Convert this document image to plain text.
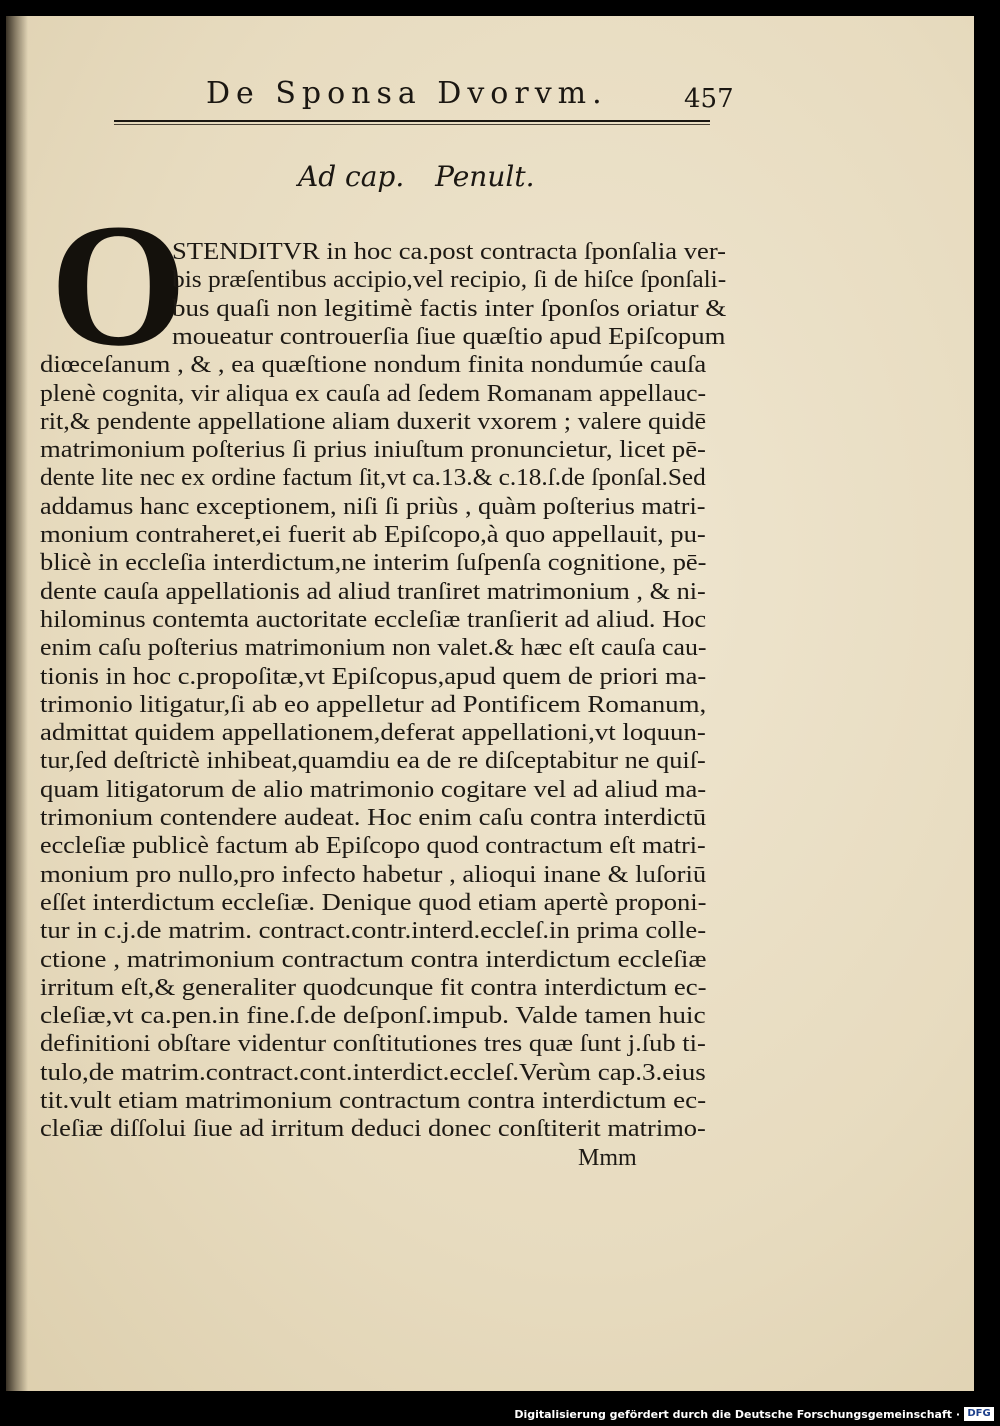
De Sponsa Dvorvm.	457
Ad cap. Penult.
O
STENDITVR in hoc ca.post contracta ſponſalia ver-
bis præſentibus accipio,vel recipio, ſi de hiſce ſponſali-
bus quaſi non legitimè factis inter ſponſos oriatur &
moueatur controuerſia ſiue quæſtio apud Epiſcopum
diœceſanum , & , ea quæſtione nondum finita nondumúe cauſa
plenè cognita, vir aliqua ex cauſa ad ſedem Romanam appellauc-
rit,& pendente appellatione aliam duxerit vxorem ; valere quidē
matrimonium poſterius ſi prius iniuſtum pronuncietur, licet pē-
dente lite nec ex ordine factum ſit,vt ca.13.& c.18.ſ.de ſponſal.Sed
addamus hanc exceptionem, niſi ſi priùs , quàm poſterius matri-
monium contraheret,ei fuerit ab Epiſcopo,à quo appellauit, pu-
blicè in eccleſia interdictum,ne interim ſuſpenſa cognitione, pē-
dente cauſa appellationis ad aliud tranſiret matrimonium , & ni-
hilominus contemta auctoritate eccleſiæ tranſierit ad aliud. Hoc
enim caſu poſterius matrimonium non valet.& hæc eſt cauſa cau-
tionis in hoc c.propoſitæ,vt Epiſcopus,apud quem de priori ma-
trimonio litigatur,ſi ab eo appelletur ad Pontificem Romanum,
admittat quidem appellationem,deferat appellationi,vt loquun-
tur,ſed deſtrictè inhibeat,quamdiu ea de re diſceptabitur ne quiſ-
quam litigatorum de alio matrimonio cogitare vel ad aliud ma-
trimonium contendere audeat. Hoc enim caſu contra interdictū
eccleſiæ publicè factum ab Epiſcopo quod contractum eſt matri-
monium pro nullo,pro infecto habetur , alioqui inane & luſoriū
eſſet interdictum eccleſiæ. Denique quod etiam apertè proponi-
tur in c.j.de matrim. contract.contr.interd.eccleſ.in prima colle-
ctione , matrimonium contractum contra interdictum eccleſiæ
irritum eſt,& generaliter quodcunque fit contra interdictum ec-
cleſiæ,vt ca.pen.in fine.ſ.de deſponſ.impub. Valde tamen huic
definitioni obſtare videntur conſtitutiones tres quæ ſunt j.ſub ti-
tulo,de matrim.contract.cont.interdict.eccleſ.Verùm cap.3.eius
tit.vult etiam matrimonium contractum contra interdictum ec-
cleſiæ diſſolui ſiue ad irritum deduci donec conſtiterit matrimo-
Mmm
Digitalisierung gefördert durch die Deutsche Forschungsgemeinschaft · DFG
